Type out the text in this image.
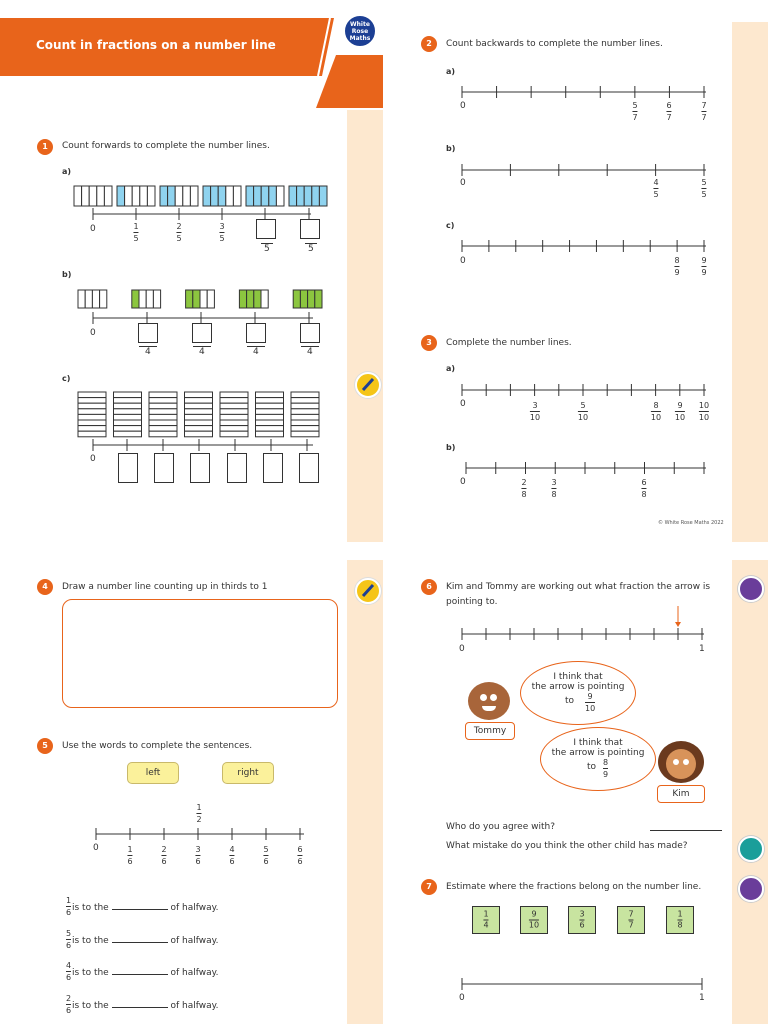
Count in fractions on a number line
White
Rose
Maths
1	Count forwards to complete the number lines.
a)
0	1
5
2
5
3
5
5	5
b)
0
4	4	4	4
c)
0
2	Count backwards to complete the number lines.
a)
0	5
7
6
7
7
7
b)
0	4
5
5
5
c)
0	8
9
9
9
3	Complete the number lines.
a)
0	3
10
5
10
8
10
9
10
10
10
b)
0	2
8
3
8
6
8
© White Rose Maths 2022
4	Draw a number line counting up in thirds to 1
5	Use the words to complete the sentences.
left	right
1
2
0	1
6
2
6
3
6
4
6
5
6
6
6
1
6 is to the	of halfway.
5
6 is to the	of halfway.
4
6 is to the	of halfway.
2
6 is to the	of halfway.
6	Kim and Tommy are working out what fraction the arrow is
pointing to.
0	1
Tommy
I think that
the arrow is pointing
to	9
10
I think that
the arrow is pointing
to 8
9
Kim
Who do you agree with?
What mistake do you think the other child has made?
7	Estimate where the fractions belong on the number line.
1
4
9
10
3
6
7
7
1
8
0	1
